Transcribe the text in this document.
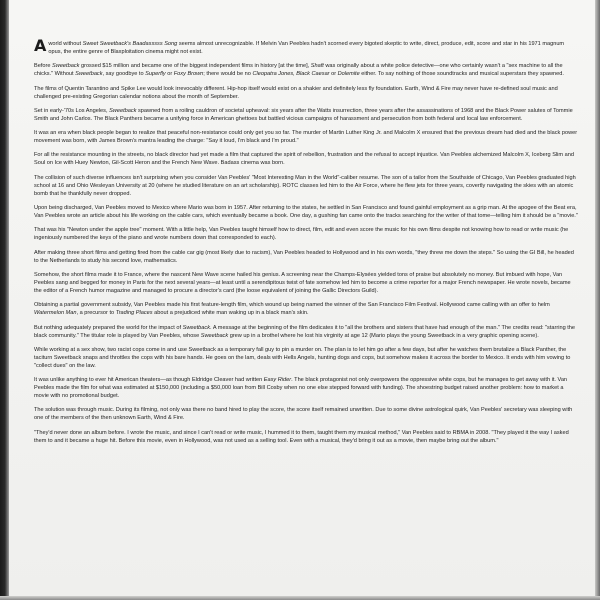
A world without Sweet Sweetback's Baadasssss Song seems almost unrecognizable. If Melvin Van Peebles hadn't scorned every bigoted skeptic to write, direct, produce, edit, score and star in his 1971 magnum opus, the entire genre of Blaxploitation cinema might not exist.

Before Sweetback grossed $15 million and became one of the biggest independent films in history [at the time], Shaft was originally about a white police detective—one who certainly wasn't a "sex machine to all the chicks." Without Sweetback, say goodbye to Superfly or Foxy Brown; there would be no Cleopatra Jones, Black Caesar or Dolemite either. To say nothing of those soundtracks and musical superstars they spawned.

The films of Quentin Tarantino and Spike Lee would look irrevocably different. Hip-hop itself would exist on a shakier and definitely less fly foundation. Earth, Wind & Fire may never have re-defined soul music and challenged pre-existing Gregorian calendar notions about the month of September.

Set in early-'70s Los Angeles, Sweetback spawned from a roiling cauldron of societal upheaval: six years after the Watts insurrection, three years after the assassinations of 1968 and the Black Power salutes of Tommie Smith and John Carlos. The Black Panthers became a unifying force in American ghettoes but battled vicious campaigns of harassment and persecution from both federal and local law enforcement.

It was an era when black people began to realize that peaceful non-resistance could only get you so far. The murder of Martin Luther King Jr. and Malcolm X ensured that the previous dream had died and the black power movement was born, with James Brown's mantra leading the charge: "Say it loud, I'm black and I'm proud."

For all the resistance mounting in the streets, no black director had yet made a film that captured the spirit of rebellion, frustration and the refusal to accept injustice. Van Peebles alchemized Malcolm X, Iceberg Slim and Soul on Ice with Huey Newton, Gil-Scott Heron and the French New Wave. Badass cinema was born.

The collision of such diverse influences isn't surprising when you consider Van Peebles' "Most Interesting Man in the World"-caliber resume. The son of a tailor from the Southside of Chicago, Van Peebles graduated high school at 16 and Ohio Wesleyan University at 20 (where he studied literature on an art scholarship). ROTC classes led him to the Air Force, where he flew jets for three years, covertly navigating the skies with an atomic bomb that he thankfully never dropped.

Upon being discharged, Van Peebles moved to Mexico where Mario was born in 1957. After returning to the states, he settled in San Francisco and found gainful employment as a grip man. At the apogee of the Beat era, Van Peebles wrote an article about his life working on the cable cars, which eventually became a book. One day, a gushing fan came onto the tracks searching for the writer of that tome—telling him it should be a "movie."

That was his "Newton under the apple tree" moment. With a little help, Van Peebles taught himself how to direct, film, edit and even score the music for his own films despite not knowing how to read or write music (he ingeniously numbered the keys of the piano and wrote numbers down that corresponded to each).

After making three short films and getting fired from the cable car gig (most likely due to racism), Van Peebles headed to Hollywood and in his own words, "they threw me down the steps." So using the GI Bill, he headed to the Netherlands to study his second love, mathematics.

Somehow, the short films made it to France, where the nascent New Wave scene hailed his genius. A screening near the Champs-Elysées yielded tons of praise but absolutely no money. But imbued with hope, Van Peebles sang and begged for money in Paris for the next several years—at least until a serendipitous twist of fate somehow led him to become a crime reporter for a major French newspaper. He wrote novels, became the editor of a French humor magazine and managed to procure a director's card (the loose equivalent of joining the Gallic Directors Guild).

Obtaining a partial government subsidy, Van Peebles made his first feature-length film, which wound up being named the winner of the San Francisco Film Festival. Hollywood came calling with an offer to helm Watermelon Man, a precursor to Trading Places about a prejudiced white man waking up in a black man's skin.

But nothing adequately prepared the world for the impact of Sweetback. A message at the beginning of the film dedicates it to "all the brothers and sisters that have had enough of the man." The credits read: "starring the black community." The titular role is played by Van Peebles, whose Sweetback grew up in a brothel where he lost his virginity at age 12 (Mario plays the young Sweetback in a very graphic opening scene).

While working at a sex show, two racist cops come in and use Sweetback as a temporary fall guy to pin a murder on. The plan is to let him go after a few days, but after he watches them brutalize a Black Panther, the taciturn Sweetback snaps and throttles the cops with his bare hands. He goes on the lam, deals with Hells Angels, hunting dogs and cops, but somehow makes it across the border to Mexico. It ends with him vowing to "collect dues" on the law.

It was unlike anything to ever hit American theaters—as though Eldridge Cleaver had written Easy Rider. The black protagonist not only overpowers the oppressive white cops, but he manages to get away with it. Van Peebles made the film for what was estimated at $150,000 (including a $50,000 loan from Bill Cosby when no one else stepped forward with funding). The shoestring budget raised another problem: how to market a movie with no promotional budget.

The solution was through music. During its filming, not only was there no band hired to play the score, the score itself remained unwritten. Due to some divine astrological quirk, Van Peebles' secretary was sleeping with one of the members of the then unknown Earth, Wind & Fire.

"They'd never done an album before. I wrote the music, and since I can't read or write music, I hummed it to them, taught them my musical method," Van Peebles said to RBMA in 2008. "They played it the way I asked them to and it became a huge hit. Before this movie, even in Hollywood, was not used as a selling tool. Even with a musical, they'd bring it out as a movie, then maybe bring out the album."
